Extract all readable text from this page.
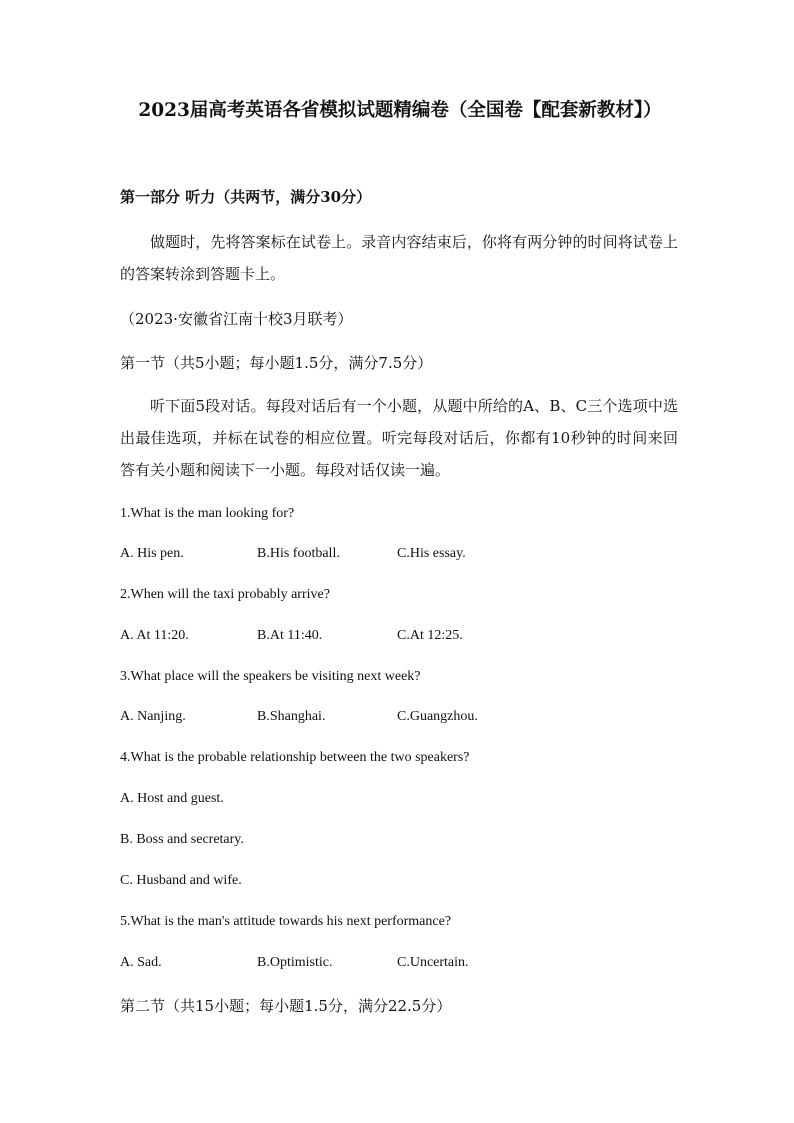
2023届高考英语各省模拟试题精编卷（全国卷【配套新教材】）
第一部分 听力（共两节，满分30分）
做题时，先将答案标在试卷上。录音内容结束后，你将有两分钟的时间将试卷上的答案转涂到答题卡上。
（2023·安徽省江南十校3月联考）
第一节（共5小题；每小题1.5分，满分7.5分）
听下面5段对话。每段对话后有一个小题，从题中所给的A、B、C三个选项中选出最佳选项，并标在试卷的相应位置。听完每段对话后，你都有10秒钟的时间来回答有关小题和阅读下一小题。每段对话仅读一遍。
1.What is the man looking for?
A. His pen.	B.His football.	C.His essay.
2.When will the taxi probably arrive?
A. At 11:20.	B.At 11:40.	C.At 12:25.
3.What place will the speakers be visiting next week?
A. Nanjing.	B.Shanghai.	C.Guangzhou.
4.What is the probable relationship between the two speakers?
A. Host and guest.
B. Boss and secretary.
C. Husband and wife.
5.What is the man's attitude towards his next performance?
A. Sad.	B.Optimistic.	C.Uncertain.
第二节（共15小题；每小题1.5分，满分22.5分）
